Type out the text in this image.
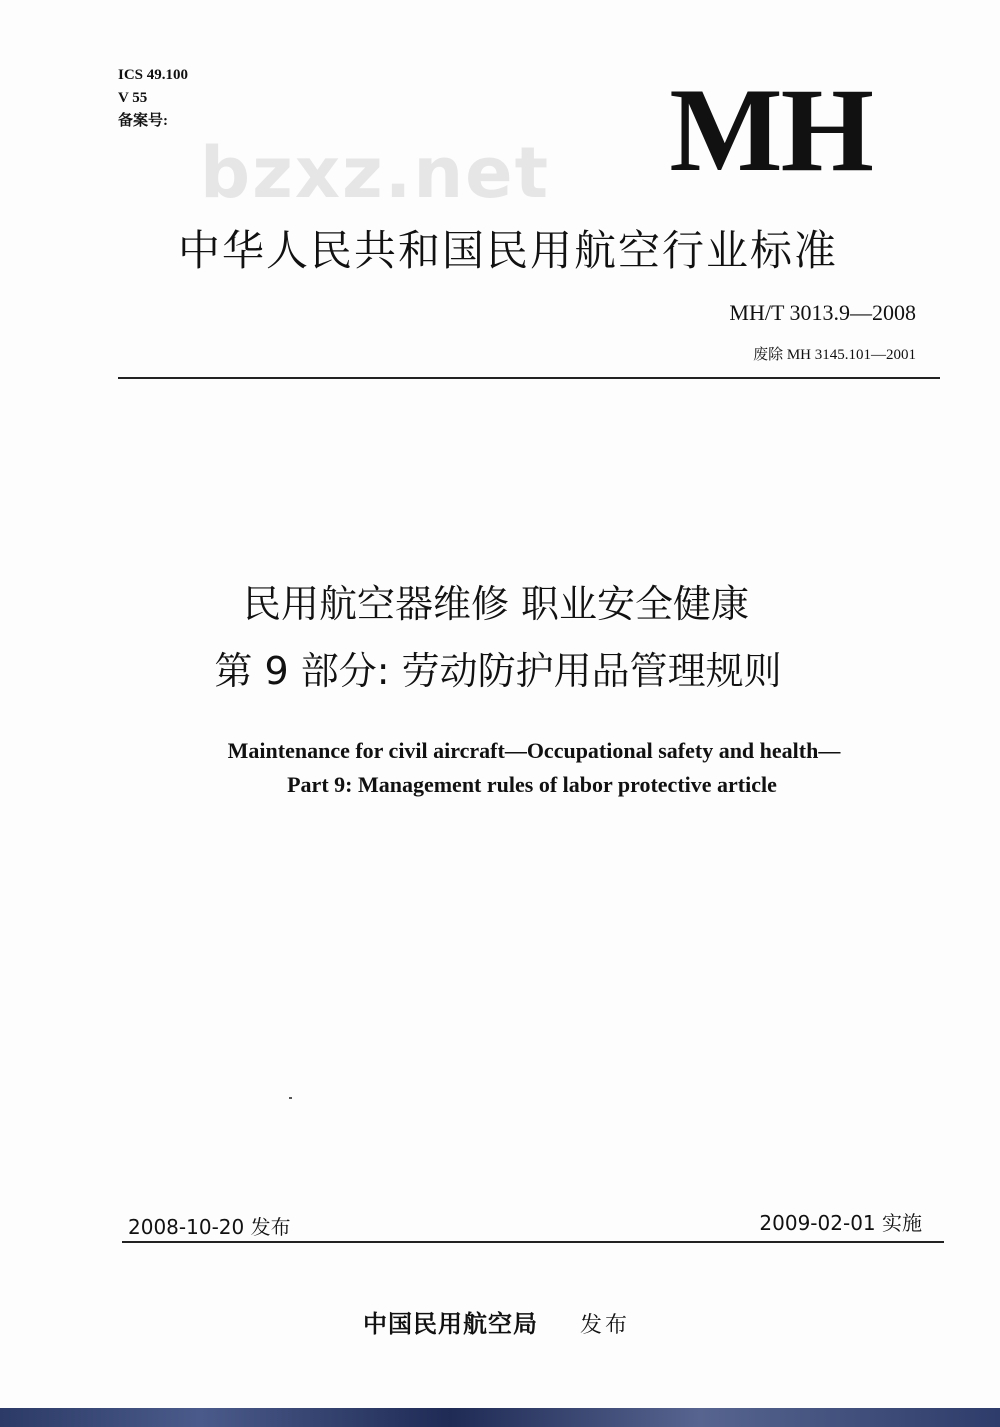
ICS 49.100
V 55
备案号:
bzxz.net MH
中华人民共和国民用航空行业标准
MH/T 3013.9—2008
废除 MH 3145.101—2001
民用航空器维修 职业安全健康
第 9 部分: 劳动防护用品管理规则
Maintenance for civil aircraft—Occupational safety and health—
Part 9: Management rules of labor protective article
2008-10-20 发布	2009-02-01 实施
中国民用航空局 发布
